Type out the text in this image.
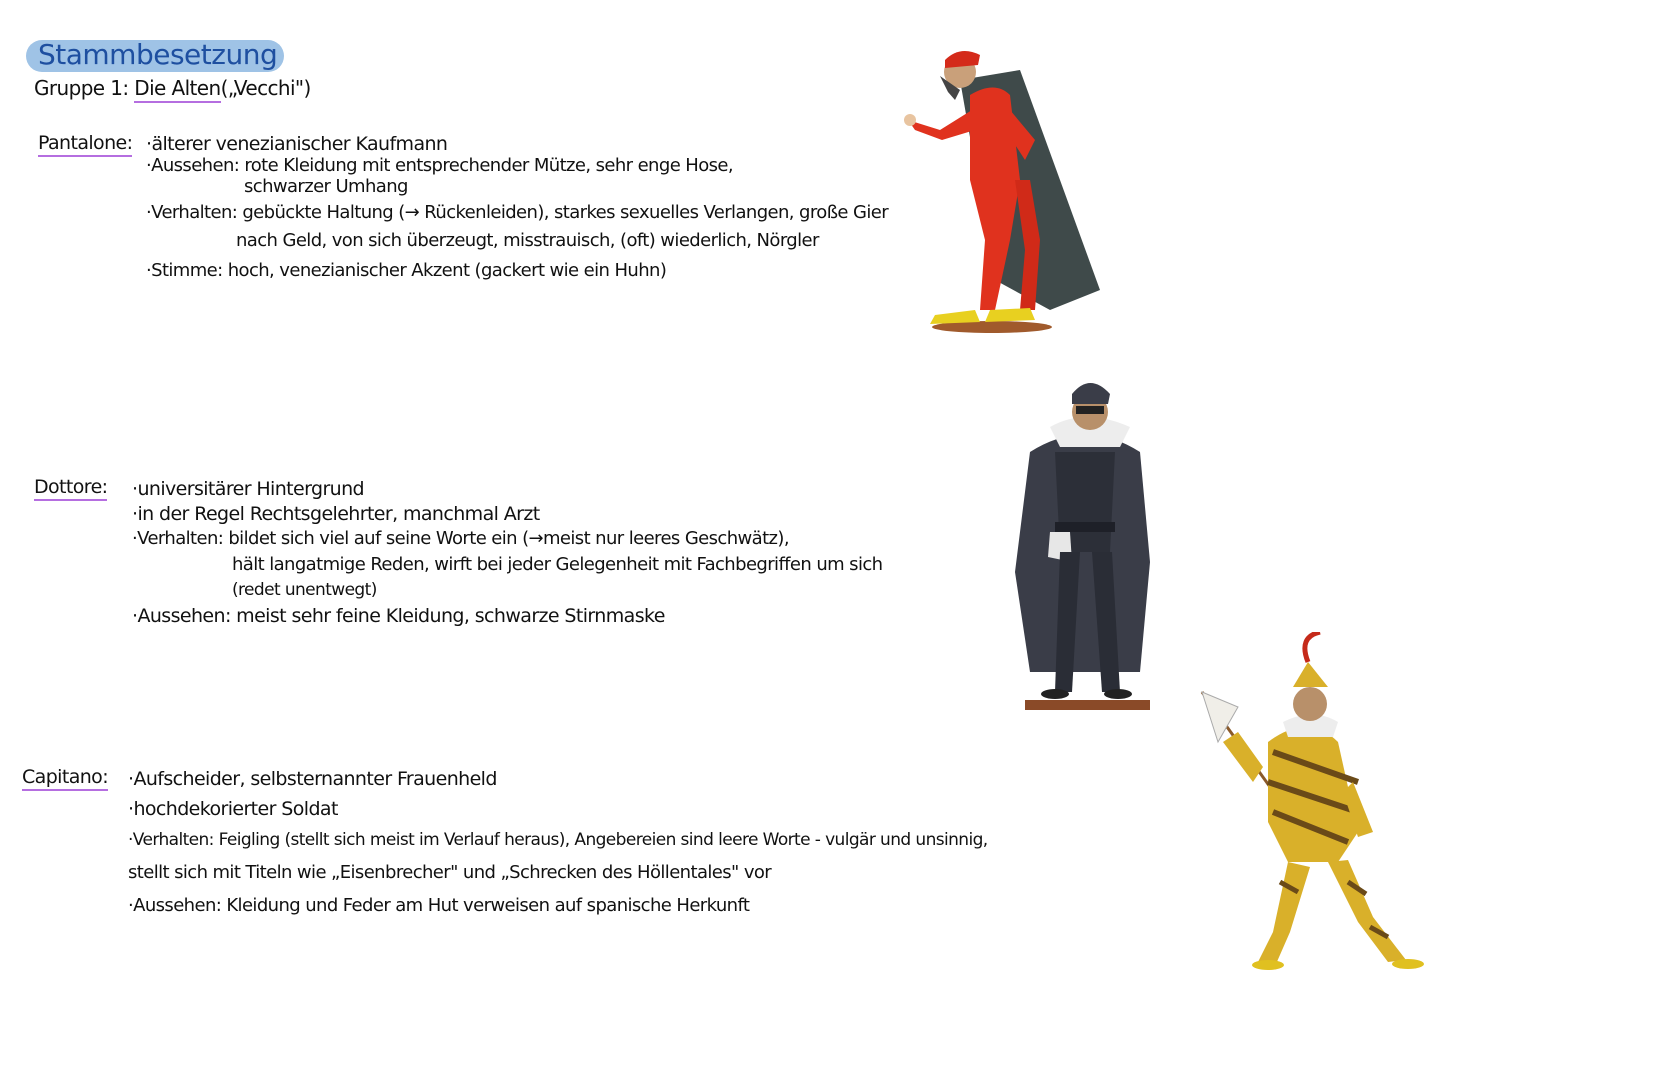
Stammbesetzung
Gruppe 1: Die Alten(„Vecchi")
Pantalone: ·älterer venezianischer Kaufmann
·Aussehen: rote Kleidung mit entsprechender Mütze, sehr enge Hose,
schwarzer Umhang
·Verhalten: gebückte Haltung (→ Rückenleiden), starkes sexuelles Verlangen, große Gier
nach Geld, von sich überzeugt, misstrauisch, (oft) wiederlich, Nörgler
·Stimme: hoch, venezianischer Akzent (gackert wie ein Huhn)
Dottore: ·universitärer Hintergrund
·in der Regel Rechtsgelehrter, manchmal Arzt
·Verhalten: bildet sich viel auf seine Worte ein (→meist nur leeres Geschwätz),
hält langatmige Reden, wirft bei jeder Gelegenheit mit Fachbegriffen um sich
(redet unentwegt)
·Aussehen: meist sehr feine Kleidung, schwarze Stirnmaske
Capitano: ·Aufscheider, selbsternannter Frauenheld
·hochdekorierter Soldat
·Verhalten: Feigling (stellt sich meist im Verlauf heraus), Angebereien sind leere Worte - vulgär und unsinnig,
stellt sich mit Titeln wie „Eisenbrecher" und „Schrecken des Höllentales" vor
·Aussehen: Kleidung und Feder am Hut verweisen auf spanische Herkunft
